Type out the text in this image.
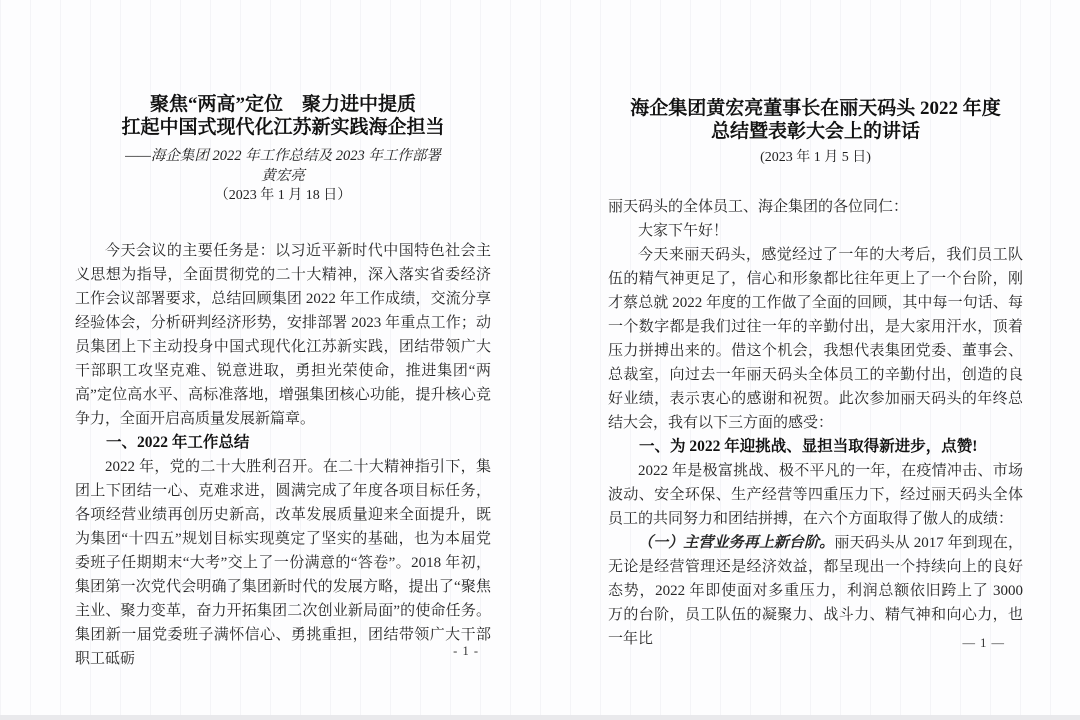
聚焦“两高”定位　聚力进中提质
扛起中国式现代化江苏新实践海企担当
——海企集团 2022 年工作总结及 2023 年工作部署
黄宏亮
（2023 年 1 月 18 日）

今天会议的主要任务是：以习近平新时代中国特色社会主义思想为指导，全面贯彻党的二十大精神，深入落实省委经济工作会议部署要求，总结回顾集团 2022 年工作成绩，交流分享经验体会，分析研判经济形势，安排部署 2023 年重点工作；动员集团上下主动投身中国式现代化江苏新实践，团结带领广大干部职工攻坚克难、锐意进取，勇担光荣使命，推进集团“两高”定位高水平、高标准落地，增强集团核心功能，提升核心竞争力，全面开启高质量发展新篇章。

一、2022 年工作总结

2022 年，党的二十大胜利召开。在二十大精神指引下，集团上下团结一心、克难求进，圆满完成了年度各项目标任务，各项经营业绩再创历史新高，改革发展质量迎来全面提升，既为集团“十四五”规划目标实现奠定了坚实的基础，也为本届党委班子任期期末“大考”交上了一份满意的“答卷”。2018 年初，集团第一次党代会明确了集团新时代的发展方略，提出了“聚焦主业、聚力变革，奋力开拓集团二次创业新局面”的使命任务。集团新一届党委班子满怀信心、勇挑重担，团结带领广大干部职工砥砺	- 1 -
海企集团黄宏亮董事长在丽天码头 2022 年度
总结暨表彰大会上的讲话
(2023 年 1 月 5 日)

丽天码头的全体员工、海企集团的各位同仁：

大家下午好！

今天来丽天码头，感觉经过了一年的大考后，我们员工队伍的精气神更足了，信心和形象都比往年更上了一个台阶，刚才蔡总就 2022 年度的工作做了全面的回顾，其中每一句话、每一个数字都是我们过往一年的辛勤付出，是大家用汗水，顶着压力拼搏出来的。借这个机会，我想代表集团党委、董事会、总裁室，向过去一年丽天码头全体员工的辛勤付出，创造的良好业绩，表示衷心的感谢和祝贺。此次参加丽天码头的年终总结大会，我有以下三方面的感受：

一、为 2022 年迎挑战、显担当取得新进步，点赞!

2022 年是极富挑战、极不平凡的一年，在疫情冲击、市场波动、安全环保、生产经营等四重压力下，经过丽天码头全体员工的共同努力和团结拼搏，在六个方面取得了傲人的成绩：

（一）主营业务再上新台阶。丽天码头从 2017 年到现在，无论是经营管理还是经济效益，都呈现出一个持续向上的良好态势，2022 年即使面对多重压力，利润总额依旧跨上了 3000 万的台阶，员工队伍的凝聚力、战斗力、精气神和向心力，也一年比	— 1 —
